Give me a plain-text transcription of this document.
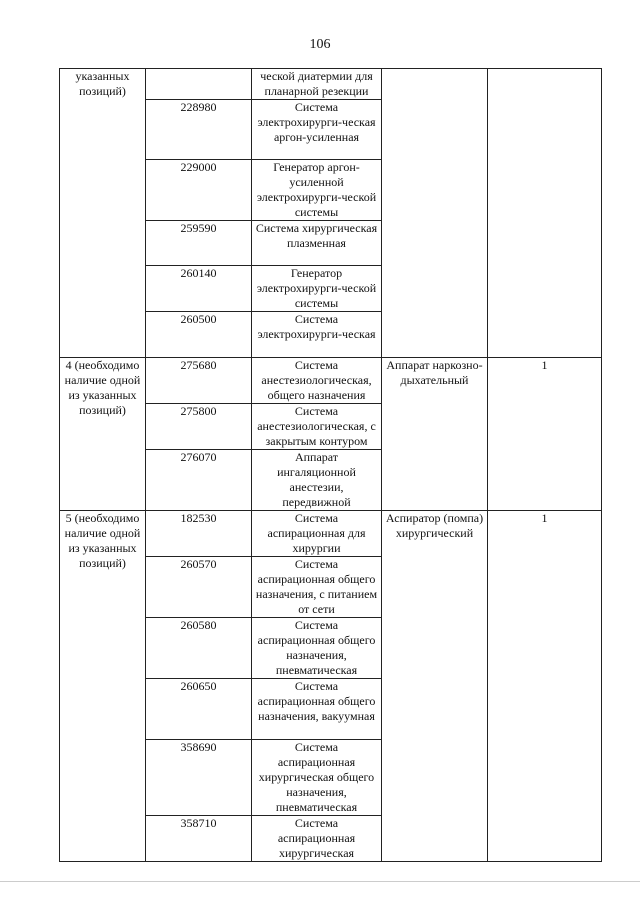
106
указанных позиций)		ческой диатермии для планарной резекции		
	228980	Система электрохирурги-ческая аргон-усиленная		
	229000	Генератор аргон-усиленной электрохирурги-ческой системы		
	259590	Система хирургическая плазменная		
	260140	Генератор электрохирурги-ческой системы		
	260500	Система электрохирурги-ческая		
4 (необходимо наличие одной из указанных позиций)	275680	Система анестезиологическая, общего назначения	Аппарат наркозно-дыхательный	1
	275800	Система анестезиологическая, с закрытым контуром		
	276070	Аппарат ингаляционной анестезии, передвижной		
5 (необходимо наличие одной из указанных позиций)	182530	Система аспирационная для хирургии	Аспиратор (помпа) хирургический	1
	260570	Система аспирационная общего назначения, с питанием от сети		
	260580	Система аспирационная общего назначения, пневматическая		
	260650	Система аспирационная общего назначения, вакуумная		
	358690	Система аспирационная хирургическая общего назначения, пневматическая		
	358710	Система аспирационная хирургическая		
